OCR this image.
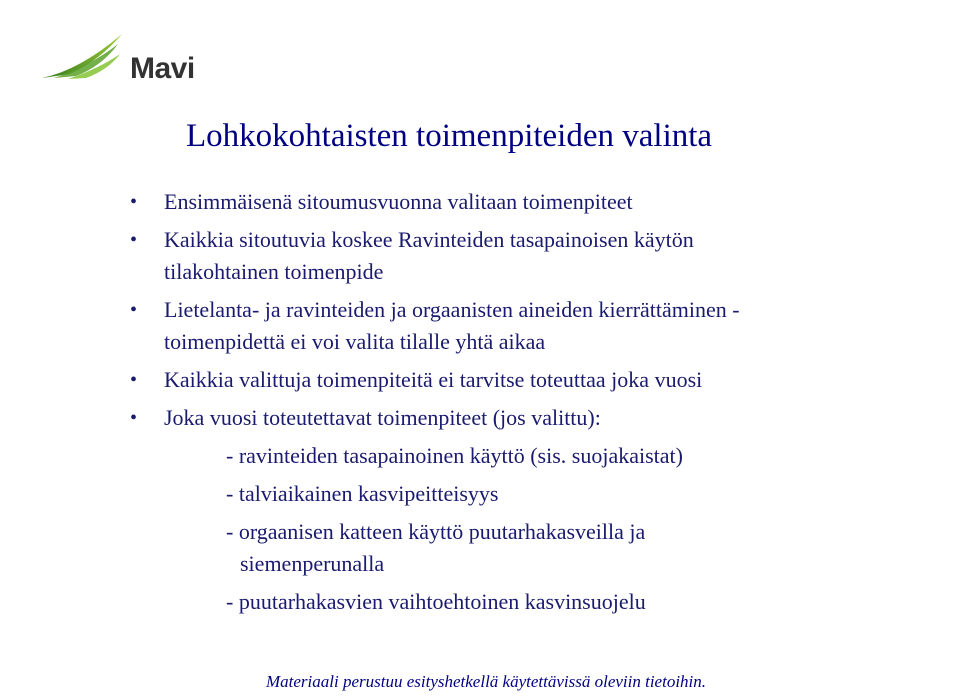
Mavi
Lohkokohtaisten toimenpiteiden valinta
• Ensimmäisenä sitoumusvuonna valitaan toimenpiteet
• Kaikkia sitoutuvia koskee Ravinteiden tasapainoisen käytön
tilakohtainen toimenpide
• Lietelanta- ja ravinteiden ja orgaanisten aineiden kierrättäminen -
toimenpidettä ei voi valita tilalle yhtä aikaa
• Kaikkia valittuja toimenpiteitä ei tarvitse toteuttaa joka vuosi
• Joka vuosi toteutettavat toimenpiteet (jos valittu):
- ravinteiden tasapainoinen käyttö (sis. suojakaistat)
- talviaikainen kasvipeitteisyys
- orgaanisen katteen käyttö puutarhakasveilla ja
siemenperunalla
- puutarhakasvien vaihtoehtoinen kasvinsuojelu
Materiaali perustuu esityshetkellä käytettävissä oleviin tietoihin.
